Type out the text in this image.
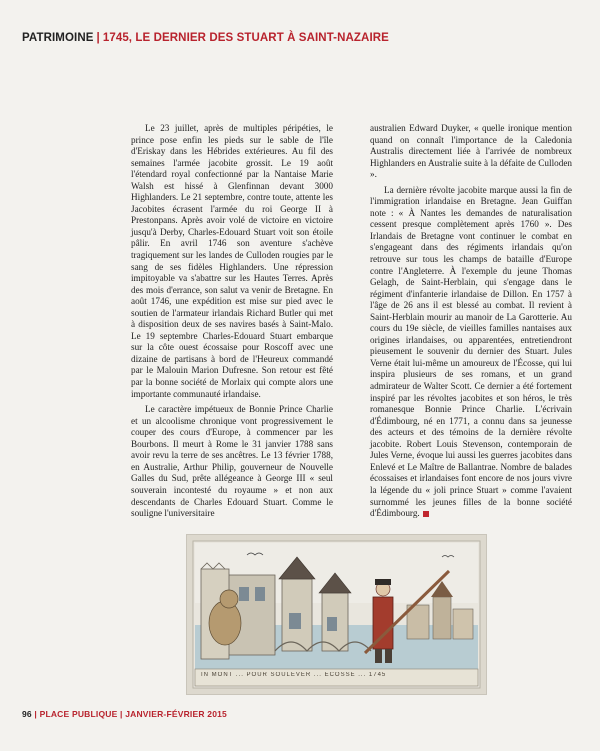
PATRIMOINE | 1745, LE DERNIER DES STUART À SAINT-NAZAIRE

Le 23 juillet, après de multiples péripéties, le prince pose enfin les pieds sur le sable de l'île d'Eriskay dans les Hébrides extérieures. Au fil des semaines l'armée jacobite grossit. Le 19 août l'étendard royal confectionné par la Nantaise Marie Walsh est hissé à Glenfinnan devant 3000 Highlanders. Le 21 septembre, contre toute, attente les Jacobites écrasent l'armée du roi George II à Prestonpans. Après avoir volé de victoire en victoire jusqu'à Derby, Charles-Edouard Stuart voit son étoile pâlir. En avril 1746 son aventure s'achève tragiquement sur les landes de Culloden rougies par le sang de ses fidèles Highlanders. Une répression impitoyable va s'abattre sur les Hautes Terres. Après des mois d'errance, son salut va venir de Bretagne. En août 1746, une expédition est mise sur pied avec le soutien de l'armateur irlandais Richard Butler qui met à disposition deux de ses navires basés à Saint-Malo. Le 19 septembre Charles-Edouard Stuart embarque sur la côte ouest écossaise pour Roscoff avec une dizaine de partisans à bord de l'Heureux commandé par le Malouin Marion Dufresne. Son retour est fêté par la bonne société de Morlaix qui compte alors une importante communauté irlandaise.

Le caractère impétueux de Bonnie Prince Charlie et un alcoolisme chronique vont progressivement le couper des cours d'Europe, à commencer par les Bourbons. Il meurt à Rome le 31 janvier 1788 sans avoir revu la terre de ses ancêtres. Le 13 février 1788, en Australie, Arthur Philip, gouverneur de Nouvelle Galles du Sud, prête allégeance à George III « seul souverain incontesté du royaume » et non aux descendants de Charles Edouard Stuart. Comme le souligne l'universitaire

australien Edward Duyker, « quelle ironique mention quand on connaît l'importance de la Caledonia Australis directement liée à l'arrivée de nombreux Highlanders en Australie suite à la défaite de Culloden ».

La dernière révolte jacobite marque aussi la fin de l'immigration irlandaise en Bretagne. Jean Guiffan note : « À Nantes les demandes de naturalisation cessent presque complètement après 1760 ». Des Irlandais de Bretagne vont continuer le combat en s'engageant dans des régiments irlandais qu'on retrouve sur tous les champs de bataille d'Europe contre l'Angleterre. À l'exemple du jeune Thomas Gelagh, de Saint-Herblain, qui s'engage dans le régiment d'infanterie irlandaise de Dillon. En 1757 à l'âge de 26 ans il est blessé au combat. Il revient à Saint-Herblain mourir au manoir de La Garotterie. Au cours du 19e siècle, de vieilles familles nantaises aux origines irlandaises, ou apparentées, entretiendront pieusement le souvenir du dernier des Stuart. Jules Verne était lui-même un amoureux de l'Écosse, qui lui inspira plusieurs de ses romans, et un grand admirateur de Walter Scott. Ce dernier a été fortement inspiré par les révoltes jacobites et son héros, le très romanesque Bonnie Prince Charlie. L'écrivain d'Édimbourg, né en 1771, a connu dans sa jeunesse des acteurs et des témoins de la dernière révolte jacobite. Robert Louis Stevenson, contemporain de Jules Verne, évoque lui aussi les guerres jacobites dans Enlevé et Le Maître de Ballantrae. Nombre de balades écossaises et irlandaises font encore de nos jours vivre la légende du « joli prince Stuart » comme l'avaient surnommé les jeunes filles de la bonne société d'Édimbourg.

IN MONT ... POUR SOULEVER ... ÉCOSSE ... 1745
96 | PLACE PUBLIQUE | JANVIER-FÉVRIER 2015
